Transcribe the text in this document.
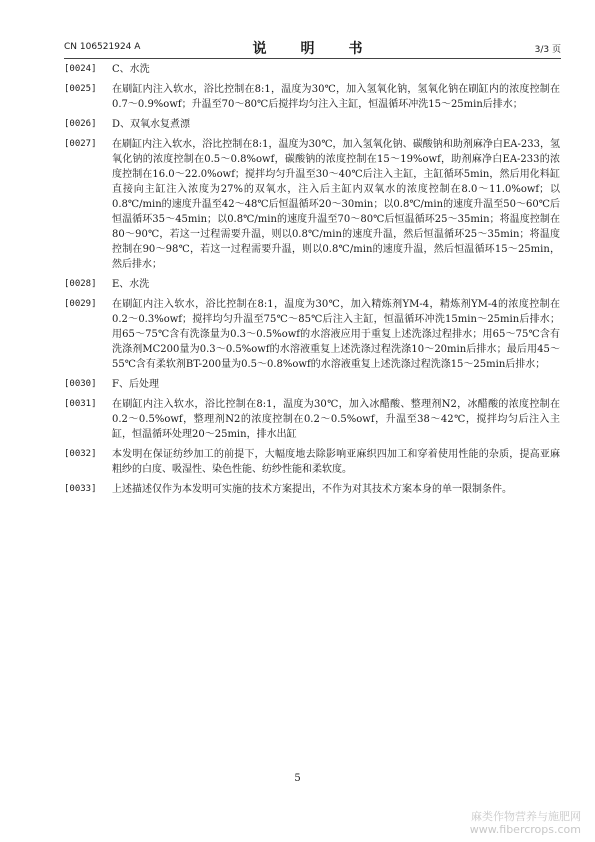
CN 106521924 A	说　明　书	3/3 页
[0024] C、水洗
[0025] 在刷缸内注入软水，浴比控制在8:1，温度为30℃，加入氢氧化钠，氢氧化钠在刷缸内的浓度控制在0.7～0.9%owf；升温至70～80℃后搅拌均匀注入主缸，恒温循环冲洗15～25min后排水；
[0026] D、双氧水复煮漂
[0027] 在刷缸内注入软水，浴比控制在8:1，温度为30℃，加入氢氧化钠、碳酸钠和助剂麻净白EA-233，氢氧化钠的浓度控制在0.5～0.8%owf，碳酸钠的浓度控制在15～19%owf，助剂麻净白EA-233的浓度控制在16.0～22.0%owf；搅拌均匀升温至30～40℃后注入主缸，主缸循环5min，然后用化料缸直接向主缸注入浓度为27%的双氧水，注入后主缸内双氧水的浓度控制在8.0～11.0%owf；以0.8℃/min的速度升温至42～48℃后恒温循环20～30min；以0.8℃/min的速度升温至50～60℃后恒温循环35～45min；以0.8℃/min的速度升温至70～80℃后恒温循环25～35min；将温度控制在80～90℃，若这一过程需要升温，则以0.8℃/min的速度升温，然后恒温循环25～35min；将温度控制在90～98℃，若这一过程需要升温，则以0.8℃/min的速度升温，然后恒温循环15～25min，然后排水；
[0028] E、水洗
[0029] 在刷缸内注入软水，浴比控制在8:1，温度为30℃，加入精炼剂YM-4，精炼剂YM-4的浓度控制在0.2～0.3%owf；搅拌均匀升温至75℃～85℃后注入主缸，恒温循环冲洗15min～25min后排水；用65～75℃含有洗涤量为0.3～0.5%owf的水溶液应用于重复上述洗涤过程排水；用65～75℃含有洗涤剂MC200量为0.3～0.5%owf的水溶液重复上述洗涤过程洗涤10～20min后排水；最后用45～55℃含有柔软剂BT-200量为0.5～0.8%owf的水溶液重复上述洗涤过程洗涤15～25min后排水；
[0030] F、后处理
[0031] 在刷缸内注入软水，浴比控制在8:1，温度为30℃，加入冰醋酸、整理剂N2，冰醋酸的浓度控制在0.2～0.5%owf，整理剂N2的浓度控制在0.2～0.5%owf，升温至38～42℃，搅拌均匀后注入主缸，恒温循环处理20～25min，排水出缸
[0032] 本发明在保证纺纱加工的前提下，大幅度地去除影响亚麻织四加工和穿着使用性能的杂质，提高亚麻粗纱的白度、吸湿性、染色性能、纺纱性能和柔软度。
[0033] 上述描述仅作为本发明可实施的技术方案提出，不作为对其技术方案本身的单一限制条件。
5
麻类作物营养与施肥网
www.fibercrops.com
